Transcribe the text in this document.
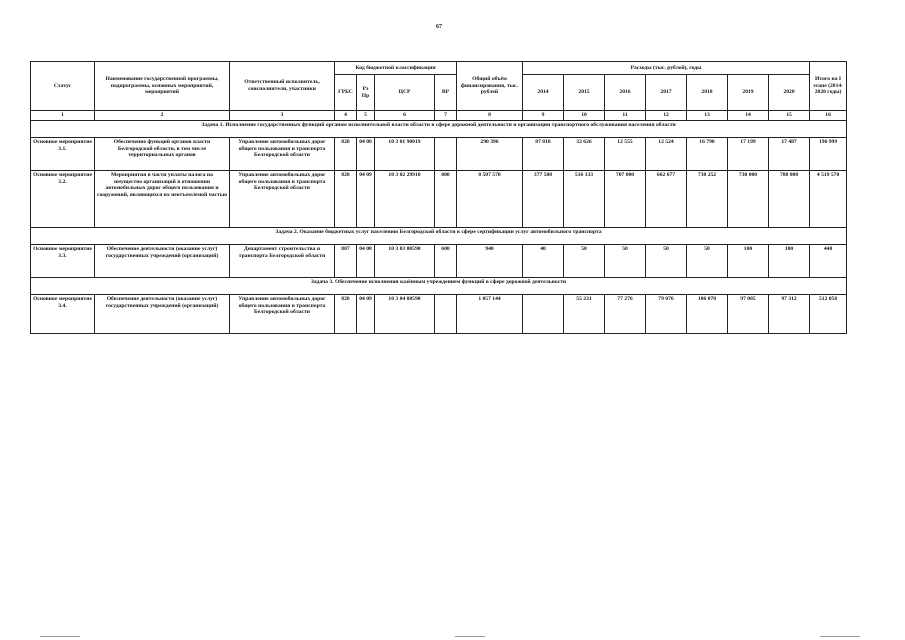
67
Статус	Наименование государственной программы, подпрограммы, основных мероприятий, мероприятий	Ответственный исполнитель, соисполнители, участники	Код бюджетной классификации				Общий объём финансирования, тыс. рублей	Расходы (тыс. рублей), годы							Итого на I этапе (2014-2020 годы)
			ГРБС	Рз Пр	ЦСР	ВР		2014	2015	2016	2017	2018	2019	2020	
1	2	3	4	5	6	7	8	9	10	11	12	13	14	15	16
Задача 1. Исполнение государственных функций органом исполнительной власти области в сфере дорожной деятельности и организации транспортного обслуживания населения области															
Основное мероприятие 3.1.	Обеспечение функций органов власти Белгородской области, в том числе территориальных органов	Управление автомобильных дорог общего пользования и транспорта Белгородской области	828	04 08	10 3 01 90019		290 396	87 818	32 626	12 555	12 524	16 790	17 199	17 487	196 999
Основное мероприятие 3.2.	Мероприятия в части уплаты налога на имущество организаций в отношении автомобильных дорог общего пользования и сооружений, являющихся их неотъемлемой частью	Управление автомобильных дорог общего пользования и транспорта Белгородской области	828	04 09	10 3 02 29910	800	8 507 570	377 508	516 133	707 000	662 677	738 252	730 000	788 000	4 519 570
Задача 2. Оказание бюджетных услуг населению Белгородской области в сфере сертификации услуг автомобильного транспорта															
Основное мероприятие 3.3.	Обеспечение деятельности (оказание услуг) государственных учреждений (организаций)	Департамент строительства и транспорта Белгородской области	807	04 08	10 3 03 00590	600	940	40	50	50	50	50	100	100	440
Задача 3. Обеспечение исполнения казённым учреждением функций в сфере дорожной деятельности															
Основное мероприятие 3.4.	Обеспечение деятельности (оказание услуг) государственных учреждений (организаций)	Управление автомобильных дорог общего пользования и транспорта Белгородской области	828	04 09	10 3 04 00590		1 057 144		55 231	77 276	79 076	106 078	97 085	97 312	512 058
